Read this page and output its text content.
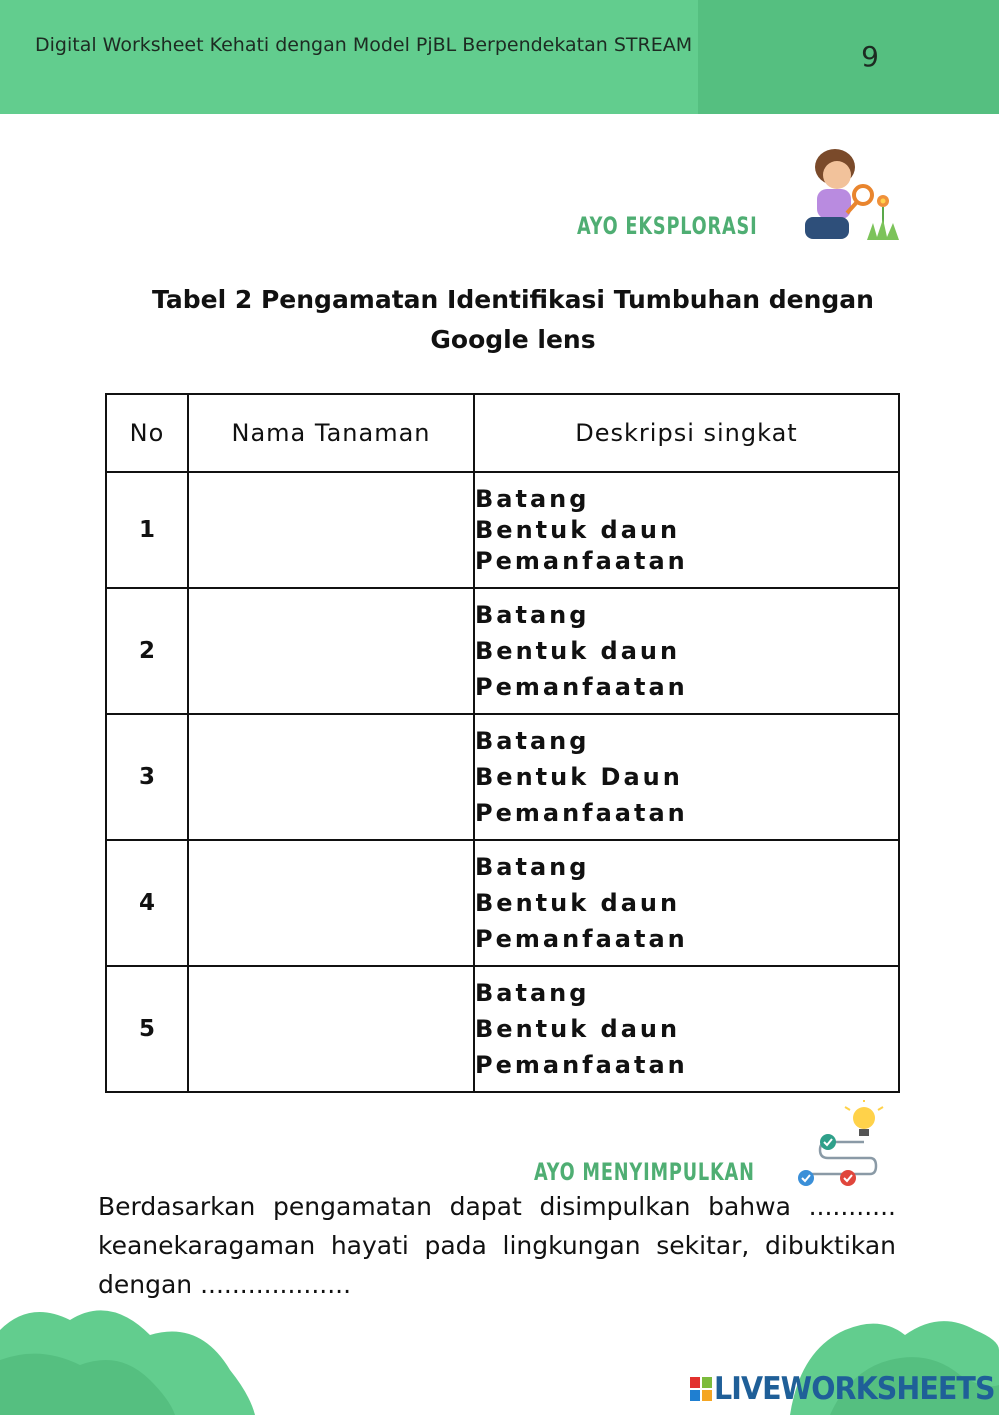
Digital Worksheet Kehati dengan Model PjBL Berpendekatan STREAM	9
AYO EKSPLORASI
Tabel 2 Pengamatan Identifikasi Tumbuhan dengan Google lens
No	Nama Tanaman	Deskripsi singkat
1		Batang
Bentuk daun
Pemanfaatan

2		Batang
Bentuk daun
Pemanfaatan

3		Batang
Bentuk Daun
Pemanfaatan

4		Batang
Bentuk daun
Pemanfaatan

5		Batang
Bentuk daun
Pemanfaatan
AYO MENYIMPULKAN

Berdasarkan pengamatan dapat disimpulkan bahwa ........... keanekaragaman hayati pada lingkungan sekitar, dibuktikan dengan ...................

LIVEWORKSHEETS
